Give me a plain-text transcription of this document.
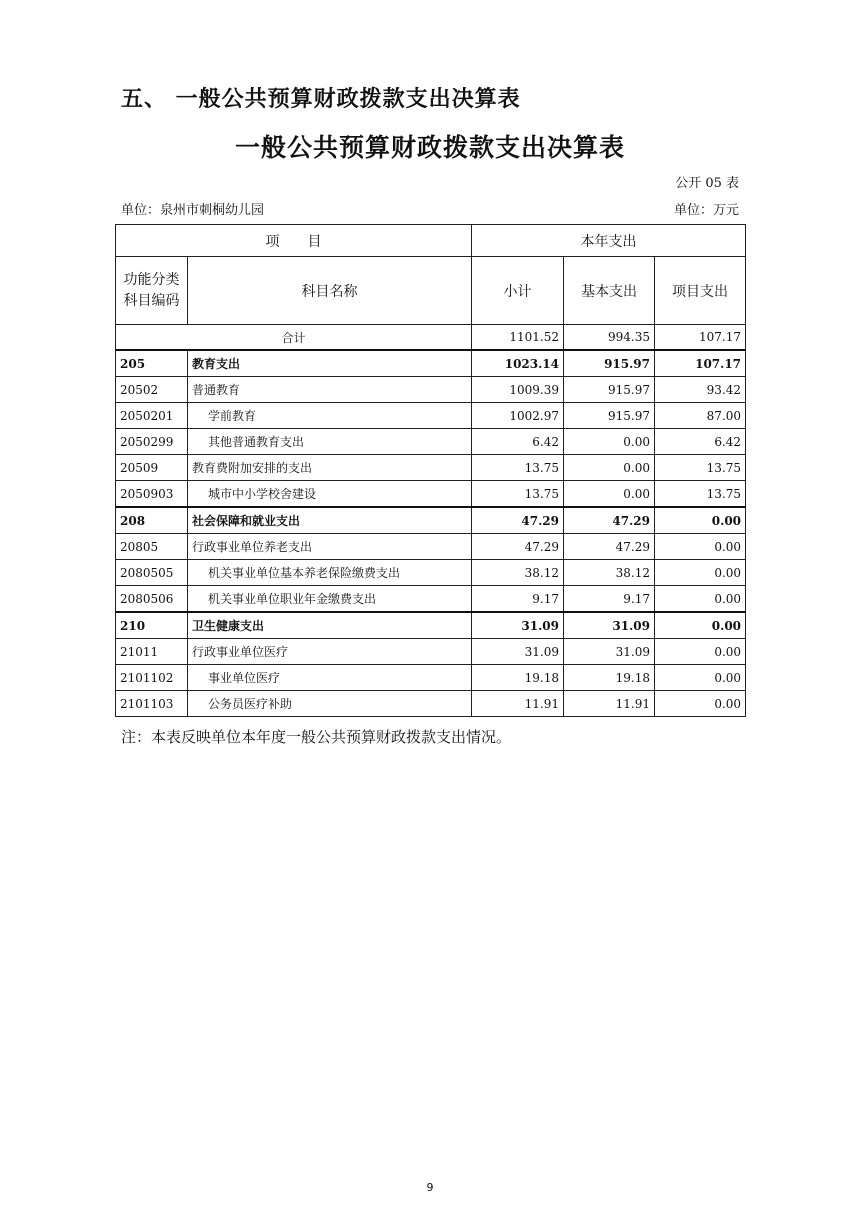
五、 一般公共预算财政拨款支出决算表
一般公共预算财政拨款支出决算表
公开 05 表
单位：泉州市刺桐幼儿园	单位：万元
项　　目		本年支出		
功能分类科目编码	科目名称	小计	基本支出	项目支出
合计		1101.52	994.35	107.17
205	教育支出	1023.14	915.97	107.17
20502	普通教育	1009.39	915.97	93.42
2050201	学前教育	1002.97	915.97	87.00
2050299	其他普通教育支出	6.42	0.00	6.42
20509	教育费附加安排的支出	13.75	0.00	13.75
2050903	城市中小学校舍建设	13.75	0.00	13.75
208	社会保障和就业支出	47.29	47.29	0.00
20805	行政事业单位养老支出	47.29	47.29	0.00
2080505	机关事业单位基本养老保险缴费支出	38.12	38.12	0.00
2080506	机关事业单位职业年金缴费支出	9.17	9.17	0.00
210	卫生健康支出	31.09	31.09	0.00
21011	行政事业单位医疗	31.09	31.09	0.00
2101102	事业单位医疗	19.18	19.18	0.00
2101103	公务员医疗补助	11.91	11.91	0.00
注：本表反映单位本年度一般公共预算财政拨款支出情况。
9
